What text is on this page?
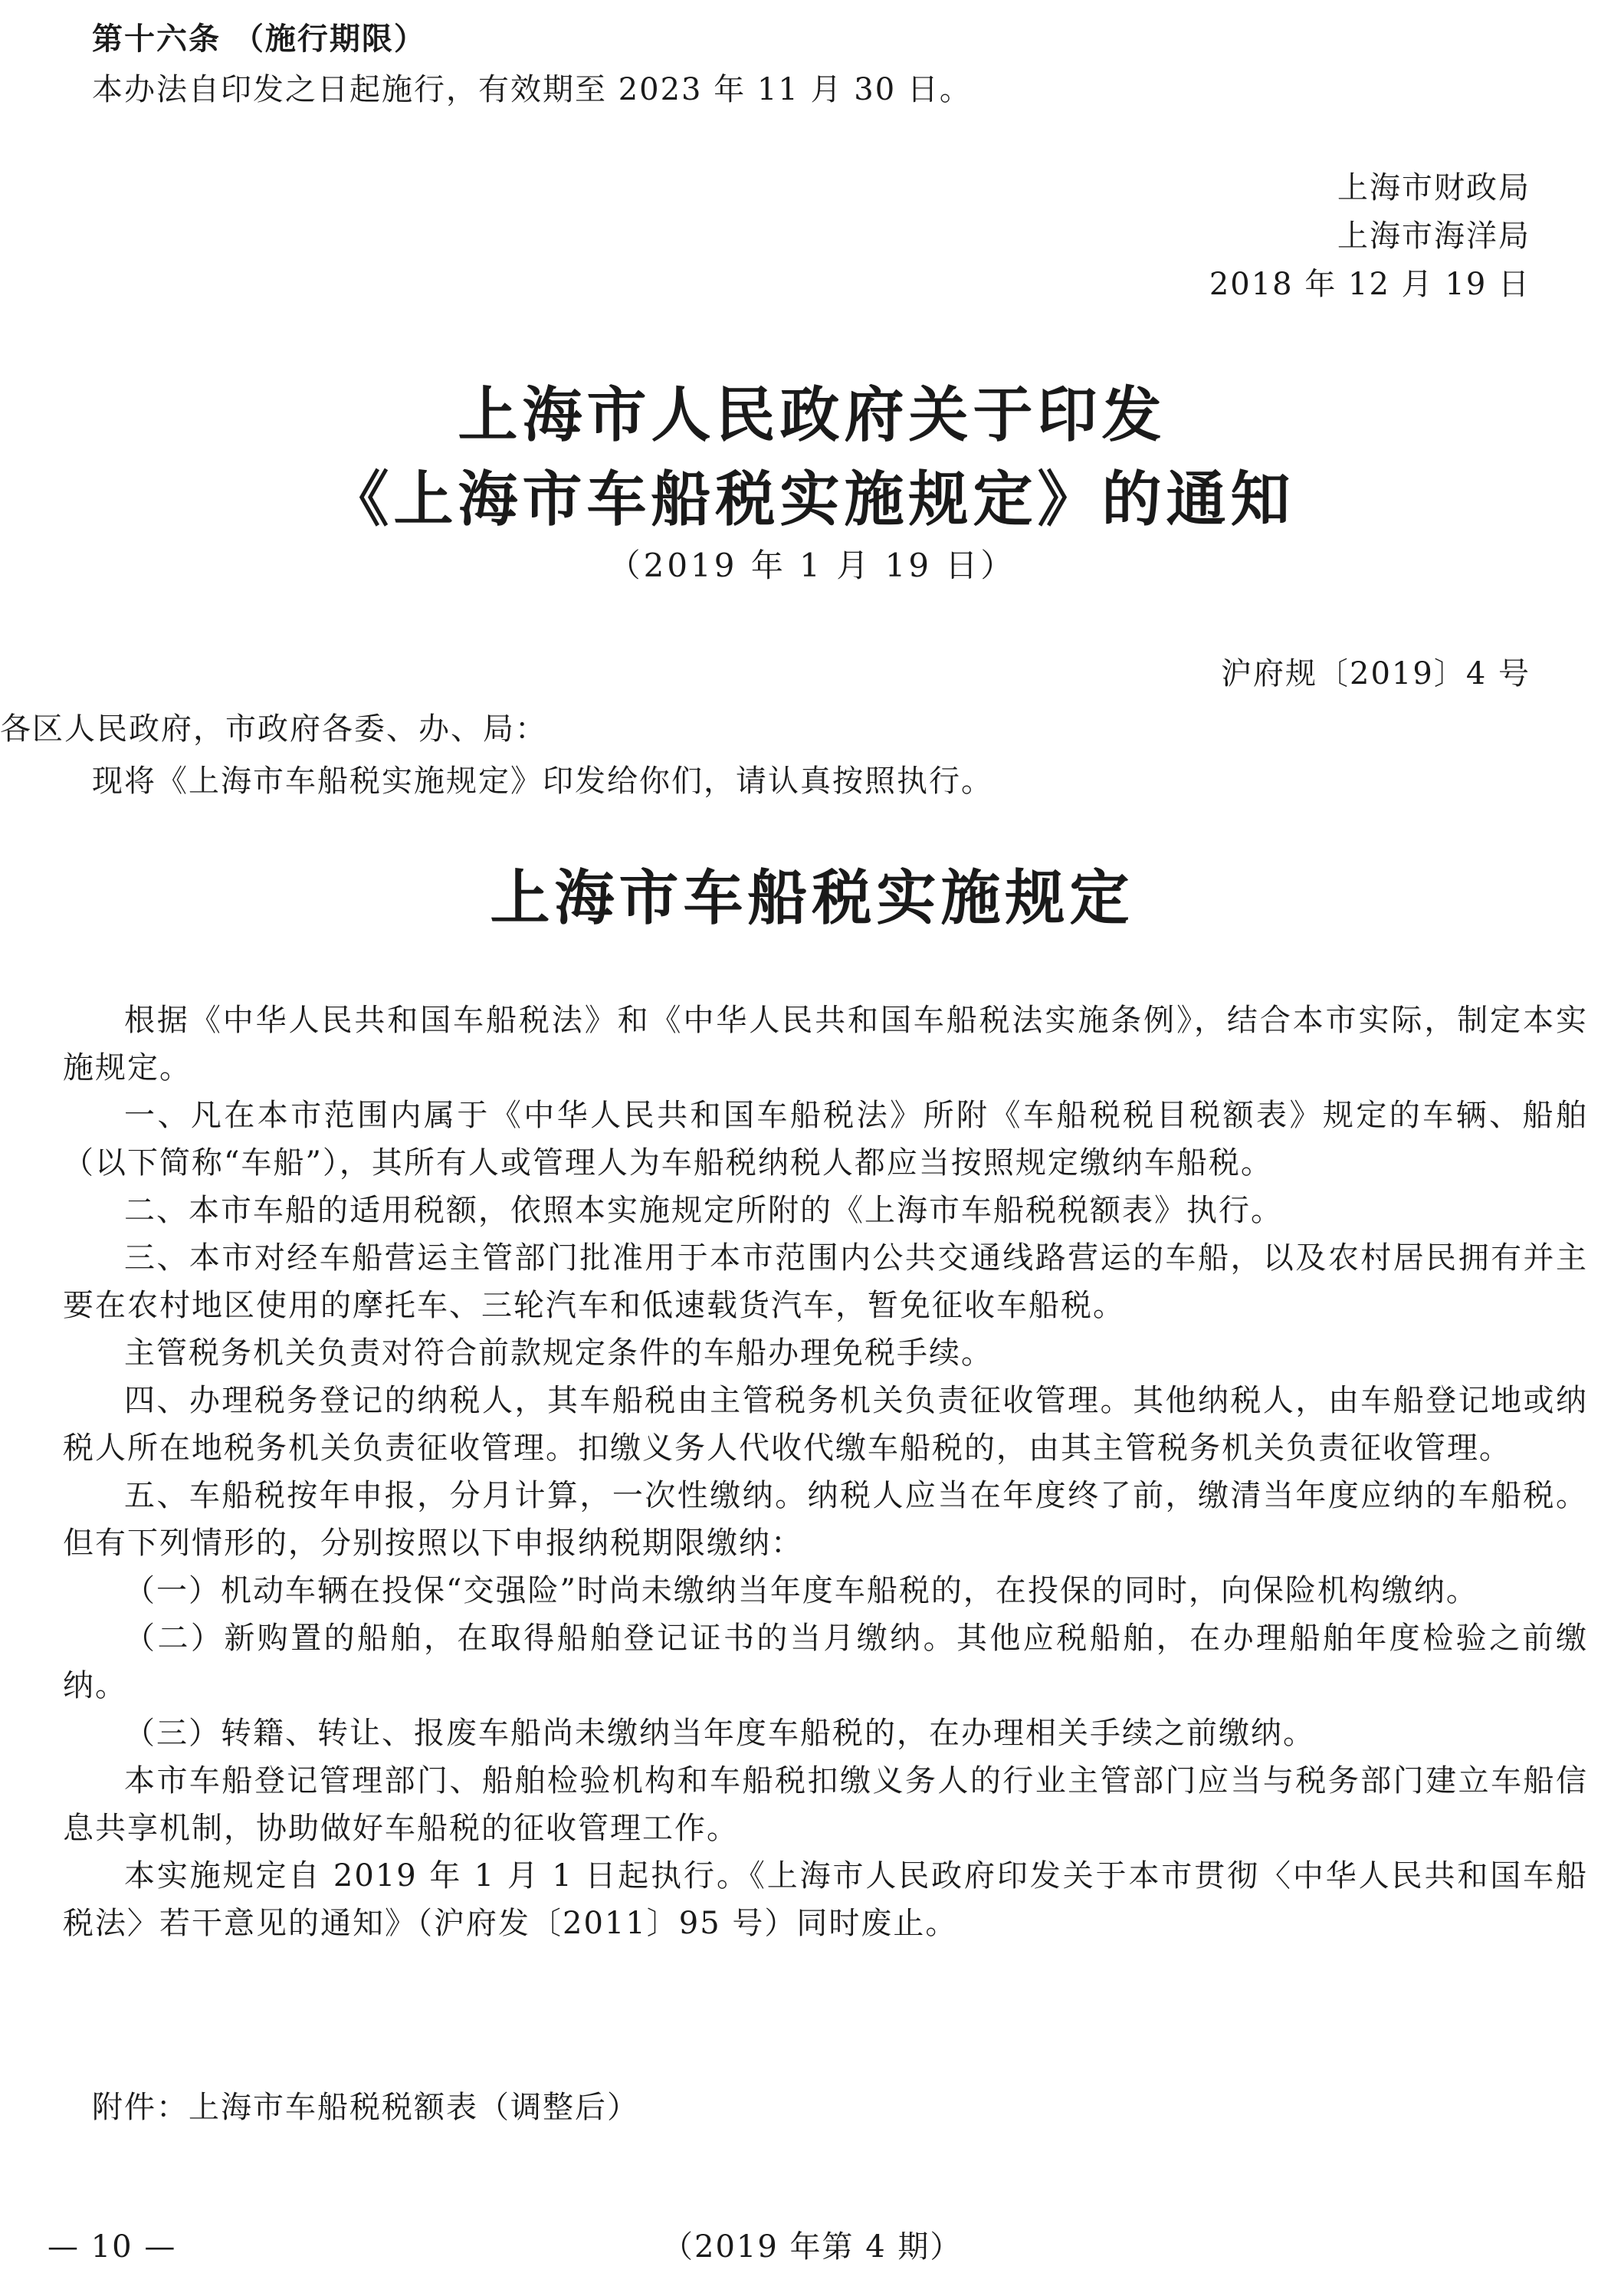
第十六条 （施行期限）
本办法自印发之日起施行，有效期至 2023 年 11 月 30 日。
上海市财政局
上海市海洋局
2018 年 12 月 19 日
上海市人民政府关于印发
《上海市车船税实施规定》的通知
（2019 年 1 月 19 日）
沪府规〔2019〕4 号
各区人民政府，市政府各委、办、局：
现将《上海市车船税实施规定》印发给你们，请认真按照执行。
上海市车船税实施规定

根据《中华人民共和国车船税法》和《中华人民共和国车船税法实施条例》，结合本市实际，制定本实施规定。

一、凡在本市范围内属于《中华人民共和国车船税法》所附《车船税税目税额表》规定的车辆、船舶（以下简称“车船”），其所有人或管理人为车船税纳税人都应当按照规定缴纳车船税。

二、本市车船的适用税额，依照本实施规定所附的《上海市车船税税额表》执行。

三、本市对经车船营运主管部门批准用于本市范围内公共交通线路营运的车船，以及农村居民拥有并主要在农村地区使用的摩托车、三轮汽车和低速载货汽车，暂免征收车船税。

主管税务机关负责对符合前款规定条件的车船办理免税手续。

四、办理税务登记的纳税人，其车船税由主管税务机关负责征收管理。其他纳税人，由车船登记地或纳税人所在地税务机关负责征收管理。扣缴义务人代收代缴车船税的，由其主管税务机关负责征收管理。

五、车船税按年申报，分月计算，一次性缴纳。纳税人应当在年度终了前，缴清当年度应纳的车船税。但有下列情形的，分别按照以下申报纳税期限缴纳：

（一）机动车辆在投保“交强险”时尚未缴纳当年度车船税的，在投保的同时，向保险机构缴纳。

（二）新购置的船舶，在取得船舶登记证书的当月缴纳。其他应税船舶，在办理船舶年度检验之前缴纳。

（三）转籍、转让、报废车船尚未缴纳当年度车船税的，在办理相关手续之前缴纳。

本市车船登记管理部门、船舶检验机构和车船税扣缴义务人的行业主管部门应当与税务部门建立车船信息共享机制，协助做好车船税的征收管理工作。

本实施规定自 2019 年 1 月 1 日起执行。《上海市人民政府印发关于本市贯彻〈中华人民共和国车船税法〉若干意见的通知》（沪府发〔2011〕95 号）同时废止。

附件：上海市车船税税额表（调整后）
— 10 —	（2019 年第 4 期）
